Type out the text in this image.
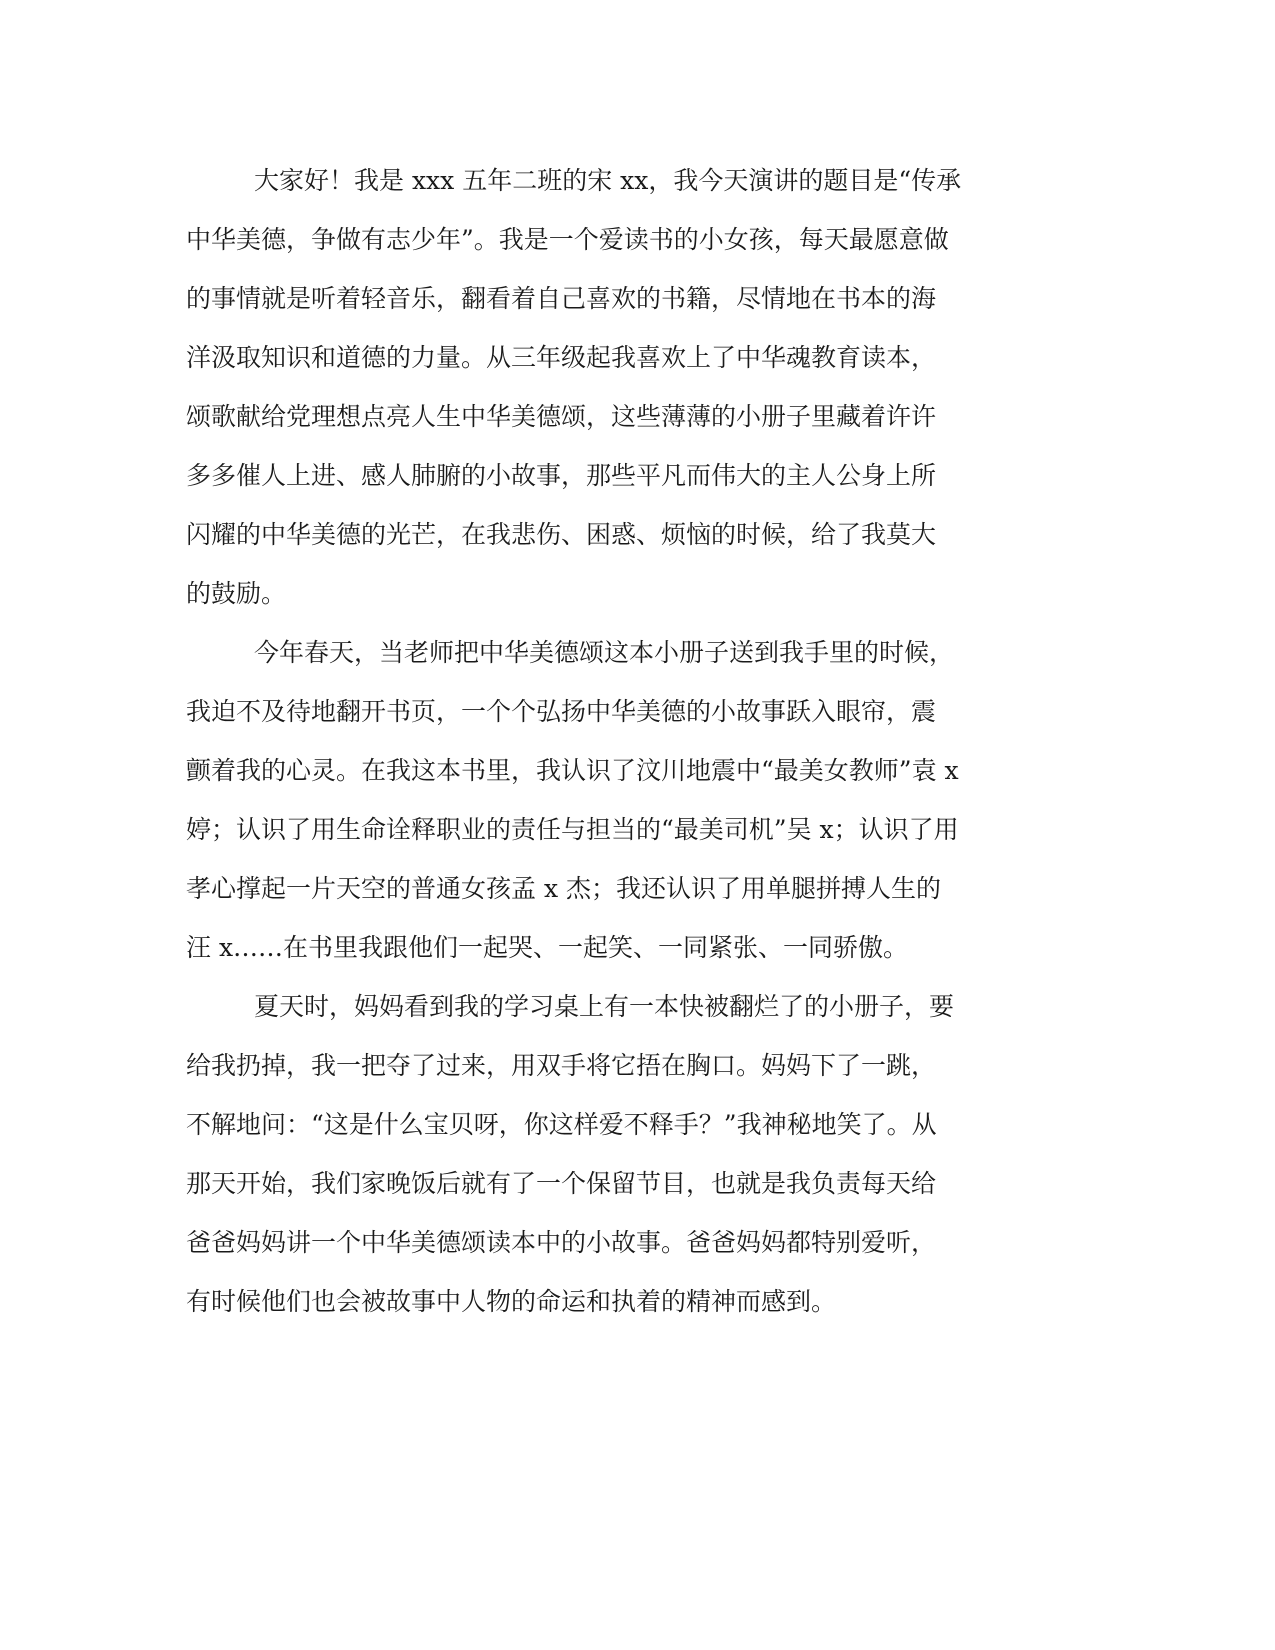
大家好！我是 xxx 五年二班的宋 xx，我今天演讲的题目是“传承
中华美德，争做有志少年”。我是一个爱读书的小女孩，每天最愿意做
的事情就是听着轻音乐，翻看着自己喜欢的书籍，尽情地在书本的海
洋汲取知识和道德的力量。从三年级起我喜欢上了中华魂教育读本，
颂歌献给党理想点亮人生中华美德颂，这些薄薄的小册子里藏着许许
多多催人上进、感人肺腑的小故事，那些平凡而伟大的主人公身上所
闪耀的中华美德的光芒，在我悲伤、困惑、烦恼的时候，给了我莫大
的鼓励。
今年春天，当老师把中华美德颂这本小册子送到我手里的时候，
我迫不及待地翻开书页，一个个弘扬中华美德的小故事跃入眼帘，震
颤着我的心灵。在我这本书里，我认识了汶川地震中“最美女教师”袁 x
婷；认识了用生命诠释职业的责任与担当的“最美司机”吴 x；认识了用
孝心撑起一片天空的普通女孩孟 x 杰；我还认识了用单腿拼搏人生的
汪 x……在书里我跟他们一起哭、一起笑、一同紧张、一同骄傲。
夏天时，妈妈看到我的学习桌上有一本快被翻烂了的小册子，要
给我扔掉，我一把夺了过来，用双手将它捂在胸口。妈妈下了一跳，
不解地问：“这是什么宝贝呀，你这样爱不释手？”我神秘地笑了。从
那天开始，我们家晚饭后就有了一个保留节目，也就是我负责每天给
爸爸妈妈讲一个中华美德颂读本中的小故事。爸爸妈妈都特别爱听，
有时候他们也会被故事中人物的命运和执着的精神而感到。
